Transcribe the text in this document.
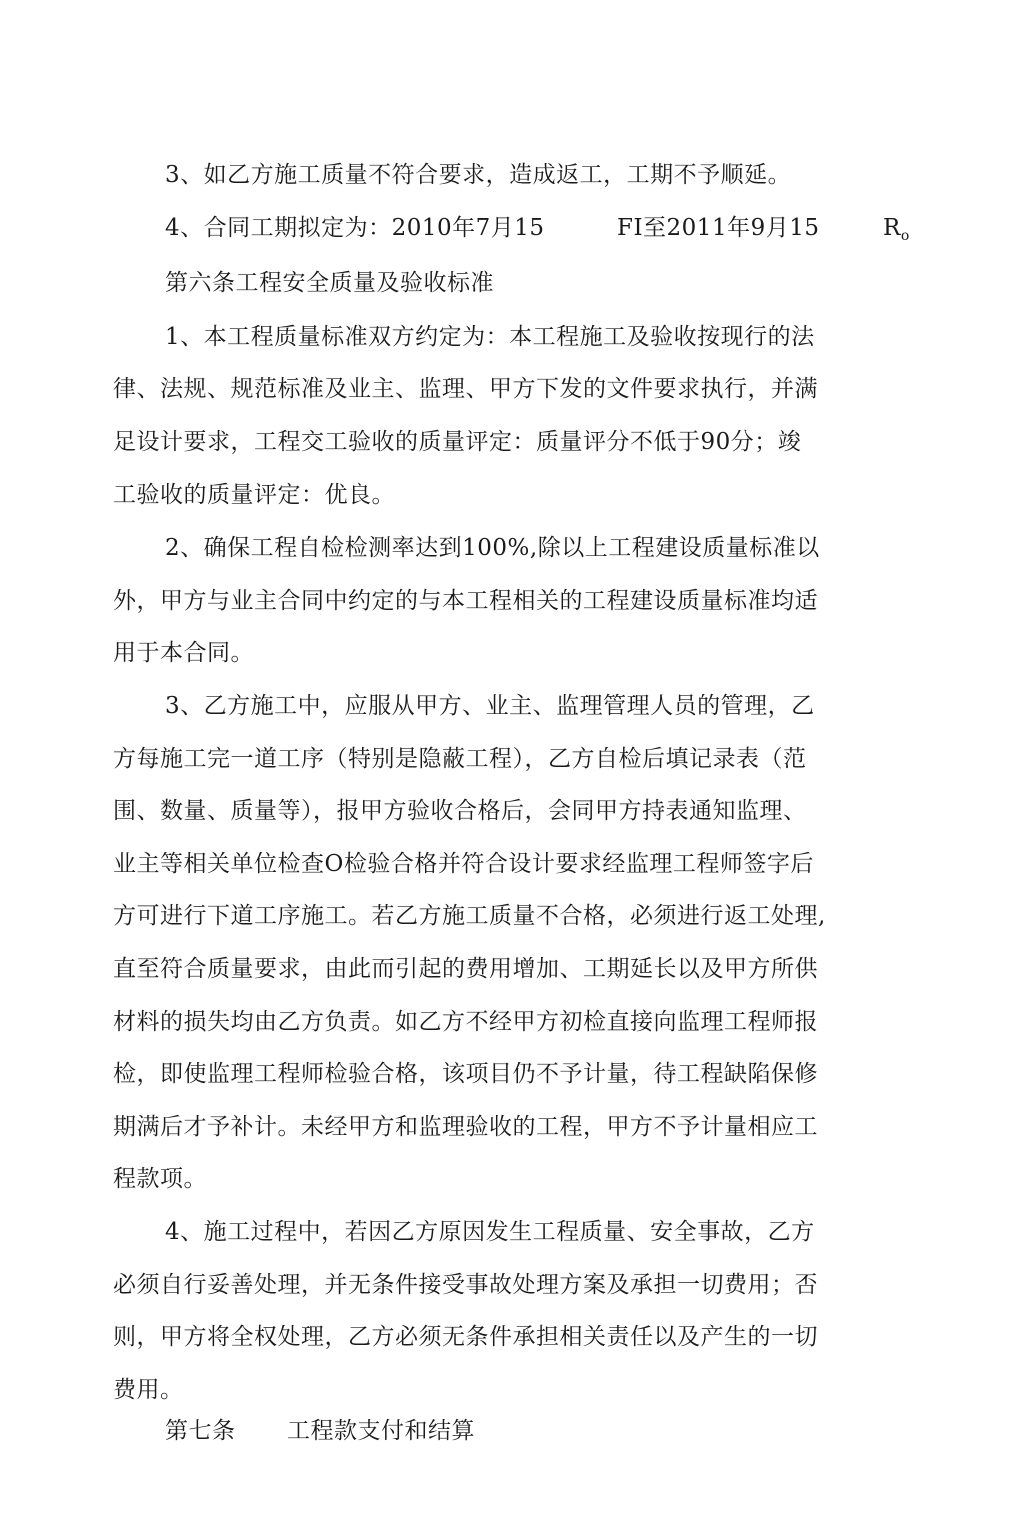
3、如乙方施工质量不符合要求，造成返工，工期不予顺延。
4、合同工期拟定为：2010年7月15	FI至2011年9月15	$R_o$
第六条工程安全质量及验收标准
1、本工程质量标准双方约定为：本工程施工及验收按现行的法
律、法规、规范标准及业主、监理、甲方下发的文件要求执行，并满
足设计要求，工程交工验收的质量评定：质量评分不低于90分；竣
工验收的质量评定：优良。
2、确保工程自检检测率达到100%,除以上工程建设质量标准以
外，甲方与业主合同中约定的与本工程相关的工程建设质量标准均适
用于本合同。
3、乙方施工中，应服从甲方、业主、监理管理人员的管理，乙
方每施工完一道工序（特别是隐蔽工程），乙方自检后填记录表（范
围、数量、质量等），报甲方验收合格后，会同甲方持表通知监理、
业主等相关单位检查O检验合格并符合设计要求经监理工程师签字后
方可进行下道工序施工。若乙方施工质量不合格，必须进行返工处理,
直至符合质量要求，由此而引起的费用增加、工期延长以及甲方所供
材料的损失均由乙方负责。如乙方不经甲方初检直接向监理工程师报
检，即使监理工程师检验合格，该项目仍不予计量，待工程缺陷保修
期满后才予补计。未经甲方和监理验收的工程，甲方不予计量相应工
程款项。
4、施工过程中，若因乙方原因发生工程质量、安全事故，乙方
必须自行妥善处理，并无条件接受事故处理方案及承担一切费用；否
则，甲方将全权处理，乙方必须无条件承担相关责任以及产生的一切
费用。
第七条 工程款支付和结算
